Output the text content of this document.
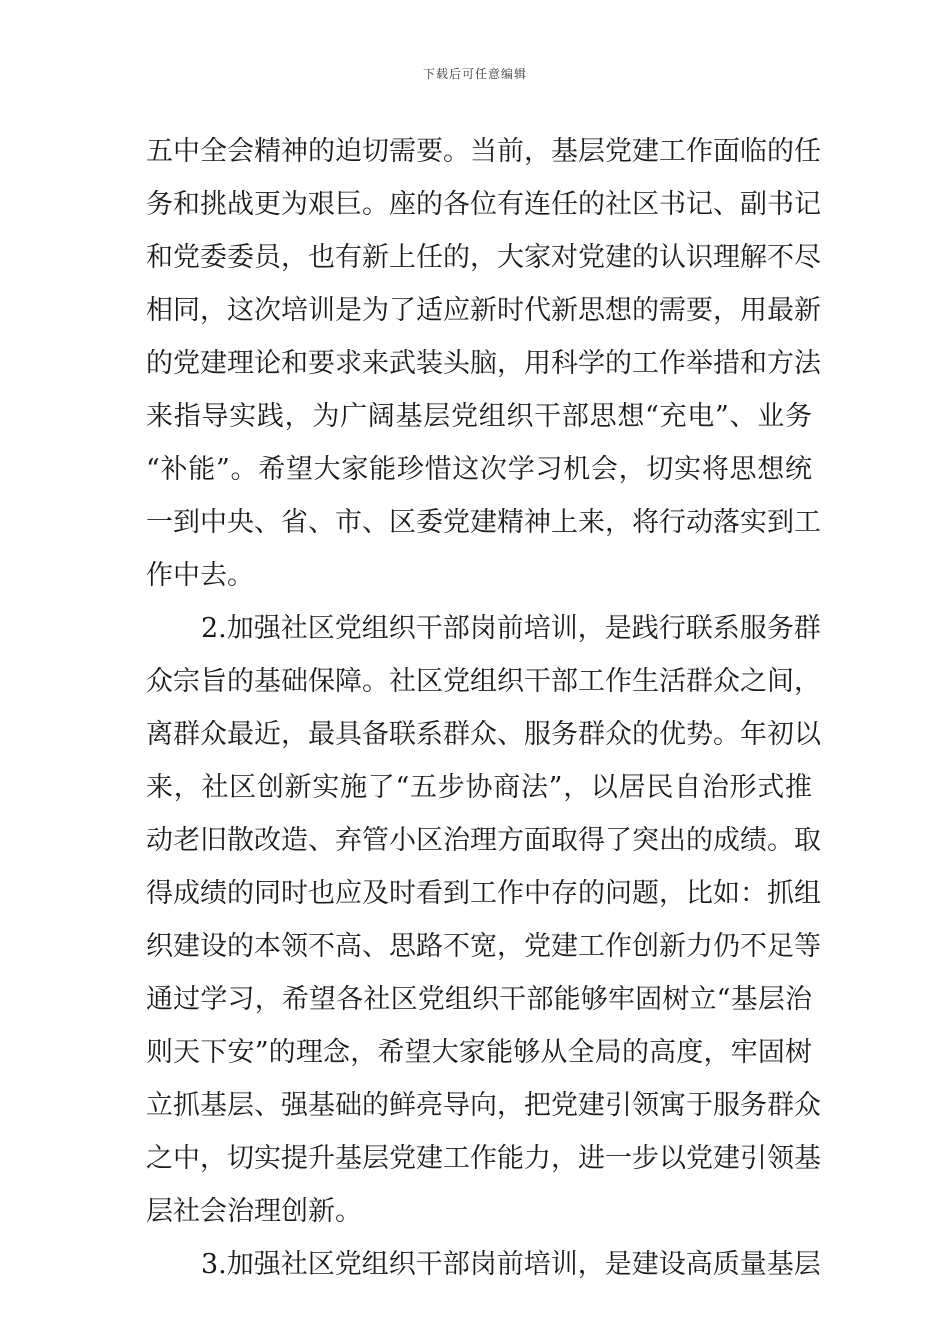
下载后可任意编辑
五中全会精神的迫切需要。当前，基层党建工作面临的任
务和挑战更为艰巨。座的各位有连任的社区书记、副书记
和党委委员，也有新上任的，大家对党建的认识理解不尽
相同，这次培训是为了适应新时代新思想的需要，用最新
的党建理论和要求来武装头脑，用科学的工作举措和方法
来指导实践，为广阔基层党组织干部思想“充电”、业务
“补能”。希望大家能珍惜这次学习机会，切实将思想统
一到中央、省、市、区委党建精神上来，将行动落实到工
作中去。
2.加强社区党组织干部岗前培训，是践行联系服务群
众宗旨的基础保障。社区党组织干部工作生活群众之间，
离群众最近，最具备联系群众、服务群众的优势。年初以
来，社区创新实施了“五步协商法”，以居民自治形式推
动老旧散改造、弃管小区治理方面取得了突出的成绩。取
得成绩的同时也应及时看到工作中存的问题，比如：抓组
织建设的本领不高、思路不宽，党建工作创新力仍不足等
通过学习，希望各社区党组织干部能够牢固树立“基层治
则天下安”的理念，希望大家能够从全局的高度，牢固树
立抓基层、强基础的鲜亮导向，把党建引领寓于服务群众
之中，切实提升基层党建工作能力，进一步以党建引领基
层社会治理创新。
3.加强社区党组织干部岗前培训，是建设高质量基层
